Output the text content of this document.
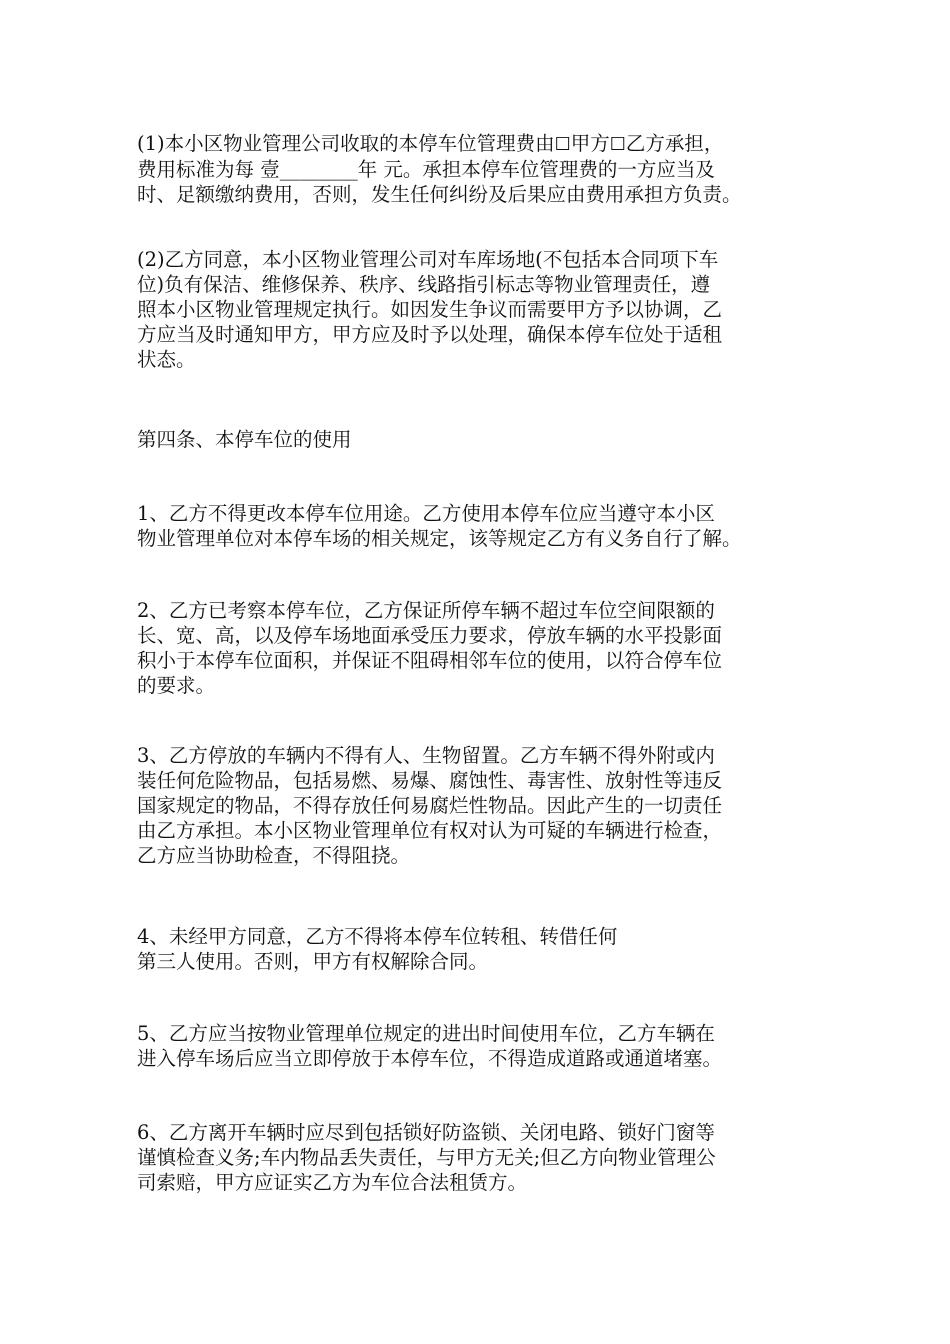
(1)本小区物业管理公司收取的本停车位管理费由☐甲方☐乙方承担，
费用标准为每 壹________年 元。承担本停车位管理费的一方应当及
时、足额缴纳费用，否则，发生任何纠纷及后果应由费用承担方负责。
(2)乙方同意，本小区物业管理公司对车库场地(不包括本合同项下车
位)负有保洁、维修保养、秩序、线路指引标志等物业管理责任，遵
照本小区物业管理规定执行。如因发生争议而需要甲方予以协调，乙
方应当及时通知甲方，甲方应及时予以处理，确保本停车位处于适租
状态。
第四条、本停车位的使用
1、乙方不得更改本停车位用途。乙方使用本停车位应当遵守本小区
物业管理单位对本停车场的相关规定，该等规定乙方有义务自行了解。
2、乙方已考察本停车位，乙方保证所停车辆不超过车位空间限额的
长、宽、高，以及停车场地面承受压力要求，停放车辆的水平投影面
积小于本停车位面积，并保证不阻碍相邻车位的使用，以符合停车位
的要求。
3、乙方停放的车辆内不得有人、生物留置。乙方车辆不得外附或内
装任何危险物品，包括易燃、易爆、腐蚀性、毒害性、放射性等违反
国家规定的物品，不得存放任何易腐烂性物品。因此产生的一切责任
由乙方承担。本小区物业管理单位有权对认为可疑的车辆进行检查，
乙方应当协助检查，不得阻挠。
4、未经甲方同意，乙方不得将本停车位转租、转借任何
第三人使用。否则，甲方有权解除合同。
5、乙方应当按物业管理单位规定的进出时间使用车位，乙方车辆在
进入停车场后应当立即停放于本停车位，不得造成道路或通道堵塞。
6、乙方离开车辆时应尽到包括锁好防盗锁、关闭电路、锁好门窗等
谨慎检查义务;车内物品丢失责任，与甲方无关;但乙方向物业管理公
司索赔，甲方应证实乙方为车位合法租赁方。
